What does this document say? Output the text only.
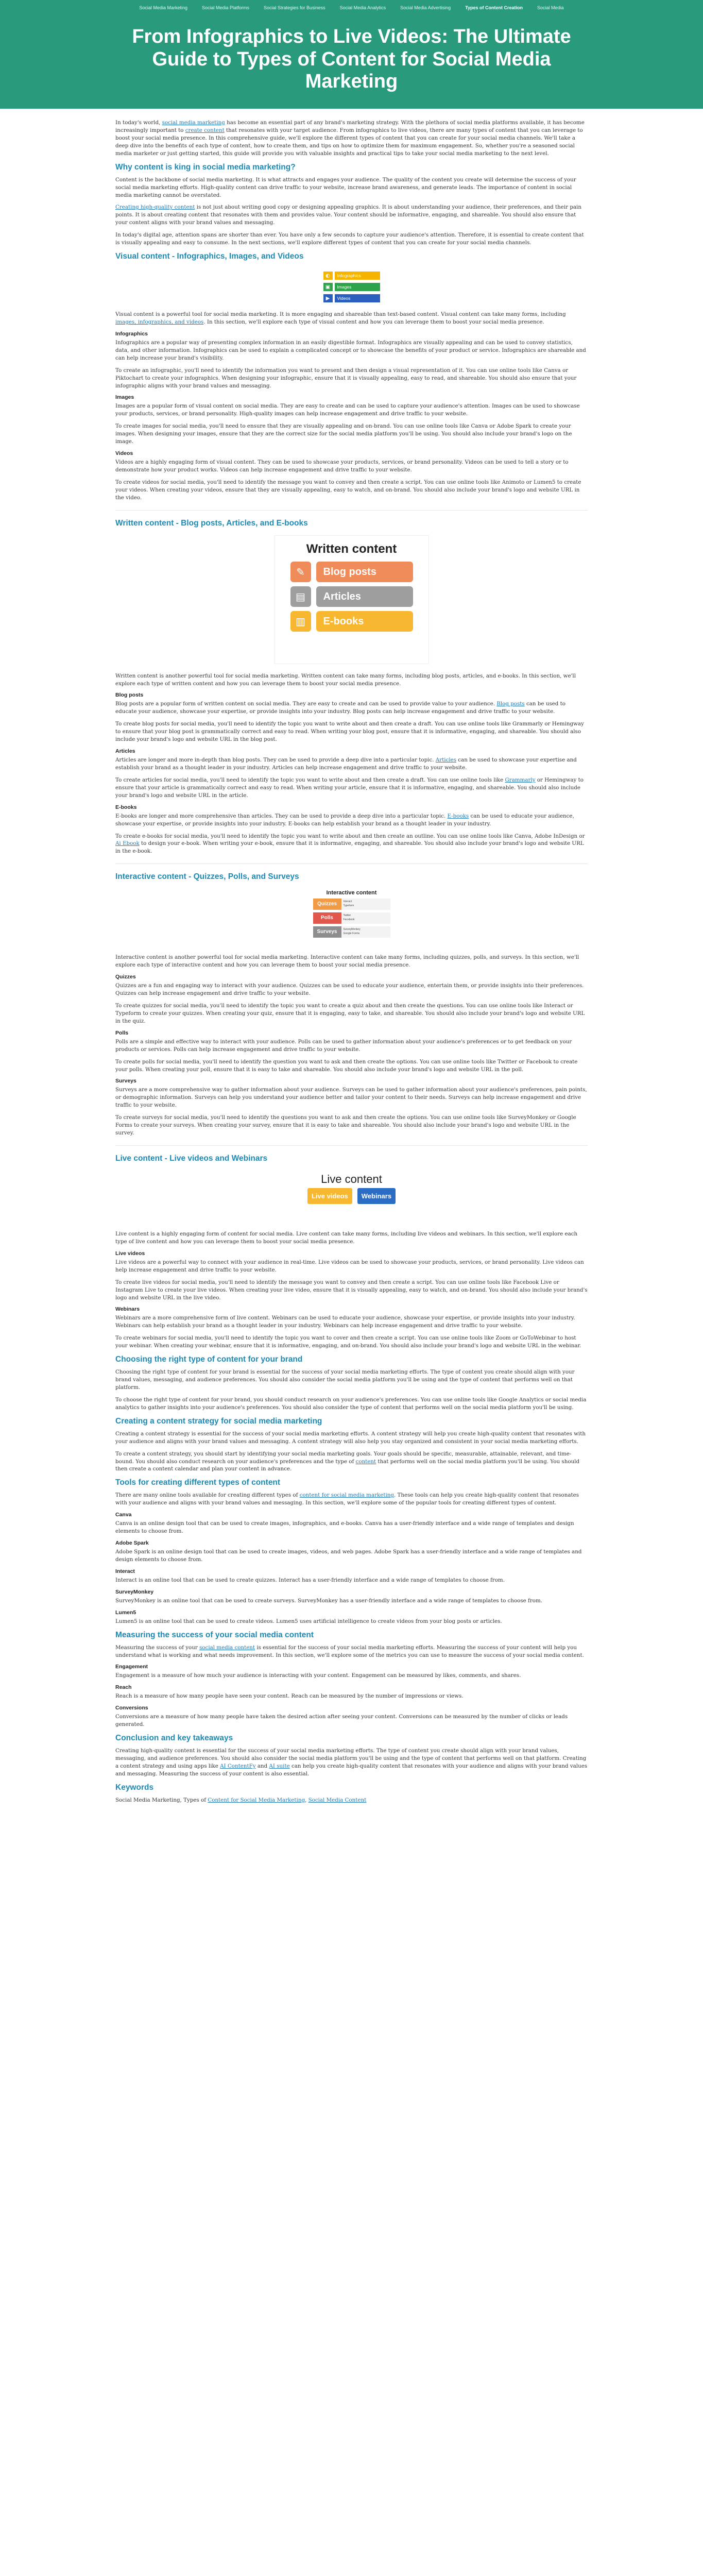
Social Media Marketing	Social Media Platforms	Social Strategies for Business	Social Media Analytics	Social Media Advertising	Types of Content Creation	Social Media
From Infographics to Live Videos: The Ultimate Guide to Types of Content for Social Media Marketing

In today's world, social media marketing has become an essential part of any brand's marketing strategy. With the plethora of social media platforms available, it has become increasingly important to create content that resonates with your target audience. From infographics to live videos, there are many types of content that you can leverage to boost your social media presence. In this comprehensive guide, we'll explore the different types of content that you can create for your social media channels. We'll take a deep dive into the benefits of each type of content, how to create them, and tips on how to optimize them for maximum engagement. So, whether you're a seasoned social media marketer or just getting started, this guide will provide you with valuable insights and practical tips to take your social media marketing to the next level.

Why content is king in social media marketing?

Content is the backbone of social media marketing. It is what attracts and engages your audience. The quality of the content you create will determine the success of your social media marketing efforts. High-quality content can drive traffic to your website, increase brand awareness, and generate leads. The importance of content in social media marketing cannot be overstated.

Creating high-quality content is not just about writing good copy or designing appealing graphics. It is about understanding your audience, their preferences, and their pain points. It is about creating content that resonates with them and provides value. Your content should be informative, engaging, and shareable. You should also ensure that your content aligns with your brand values and messaging.

In today's digital age, attention spans are shorter than ever. You have only a few seconds to capture your audience's attention. Therefore, it is essential to create content that is visually appealing and easy to consume. In the next sections, we'll explore different types of content that you can create for your social media channels.

Visual content - Infographics, Images, and Videos
◐	Infographics
▣	Images
▶	Videos

Visual content is a powerful tool for social media marketing. It is more engaging and shareable than text-based content. Visual content can take many forms, including images, infographics, and videos. In this section, we'll explore each type of visual content and how you can leverage them to boost your social media presence.

Infographics

Infographics are a popular way of presenting complex information in an easily digestible format. Infographics are visually appealing and can be used to convey statistics, data, and other information. Infographics can be used to explain a complicated concept or to showcase the benefits of your product or service. Infographics are shareable and can help increase your brand's visibility.

To create an infographic, you'll need to identify the information you want to present and then design a visual representation of it. You can use online tools like Canva or Piktochart to create your infographics. When designing your infographic, ensure that it is visually appealing, easy to read, and shareable. You should also ensure that your infographic aligns with your brand values and messaging.

Images

Images are a popular form of visual content on social media. They are easy to create and can be used to capture your audience's attention. Images can be used to showcase your products, services, or brand personality. High-quality images can help increase engagement and drive traffic to your website.

To create images for social media, you'll need to ensure that they are visually appealing and on-brand. You can use online tools like Canva or Adobe Spark to create your images. When designing your images, ensure that they are the correct size for the social media platform you'll be using. You should also include your brand's logo on the image.

Videos

Videos are a highly engaging form of visual content. They can be used to showcase your products, services, or brand personality. Videos can be used to tell a story or to demonstrate how your product works. Videos can help increase engagement and drive traffic to your website.

To create videos for social media, you'll need to identify the message you want to convey and then create a script. You can use online tools like Animoto or Lumen5 to create your videos. When creating your videos, ensure that they are visually appealing, easy to watch, and on-brand. You should also include your brand's logo and website URL in the video.

Written content - Blog posts, Articles, and E-books
Written content
✎	Blog posts
▤	Articles
▥	E-books

Written content is another powerful tool for social media marketing. Written content can take many forms, including blog posts, articles, and e-books. In this section, we'll explore each type of written content and how you can leverage them to boost your social media presence.

Blog posts

Blog posts are a popular form of written content on social media. They are easy to create and can be used to provide value to your audience. Blog posts can be used to educate your audience, showcase your expertise, or provide insights into your industry. Blog posts can help increase engagement and drive traffic to your website.

To create blog posts for social media, you'll need to identify the topic you want to write about and then create a draft. You can use online tools like Grammarly or Hemingway to ensure that your blog post is grammatically correct and easy to read. When writing your blog post, ensure that it is informative, engaging, and shareable. You should also include your brand's logo and website URL in the blog post.

Articles

Articles are longer and more in-depth than blog posts. They can be used to provide a deep dive into a particular topic. Articles can be used to showcase your expertise and establish your brand as a thought leader in your industry. Articles can help increase engagement and drive traffic to your website.

To create articles for social media, you'll need to identify the topic you want to write about and then create a draft. You can use online tools like Grammarly or Hemingway to ensure that your article is grammatically correct and easy to read. When writing your article, ensure that it is informative, engaging, and shareable. You should also include your brand's logo and website URL in the article.

E-books

E-books are longer and more comprehensive than articles. They can be used to provide a deep dive into a particular topic. E-books can be used to educate your audience, showcase your expertise, or provide insights into your industry. E-books can help establish your brand as a thought leader in your industry.

To create e-books for social media, you'll need to identify the topic you want to write about and then create an outline. You can use online tools like Canva, Adobe InDesign or Ai Ebook to design your e-book. When writing your e-book, ensure that it is informative, engaging, and shareable. You should also include your brand's logo and website URL in the e-book.

Interactive content - Quizzes, Polls, and Surveys
Interactive content
Quizzes	Interact
Typeform
Polls	Twitter
Facebook
Surveys	SurveyMonkey
Google Forms

Interactive content is another powerful tool for social media marketing. Interactive content can take many forms, including quizzes, polls, and surveys. In this section, we'll explore each type of interactive content and how you can leverage them to boost your social media presence.

Quizzes

Quizzes are a fun and engaging way to interact with your audience. Quizzes can be used to educate your audience, entertain them, or provide insights into their preferences. Quizzes can help increase engagement and drive traffic to your website.

To create quizzes for social media, you'll need to identify the topic you want to create a quiz about and then create the questions. You can use online tools like Interact or Typeform to create your quizzes. When creating your quiz, ensure that it is engaging, easy to take, and shareable. You should also include your brand's logo and website URL in the quiz.

Polls

Polls are a simple and effective way to interact with your audience. Polls can be used to gather information about your audience's preferences or to get feedback on your products or services. Polls can help increase engagement and drive traffic to your website.

To create polls for social media, you'll need to identify the question you want to ask and then create the options. You can use online tools like Twitter or Facebook to create your polls. When creating your poll, ensure that it is easy to take and shareable. You should also include your brand's logo and website URL in the poll.

Surveys

Surveys are a more comprehensive way to gather information about your audience. Surveys can be used to gather information about your audience's preferences, pain points, or demographic information. Surveys can help you understand your audience better and tailor your content to their needs. Surveys can help increase engagement and drive traffic to your website.

To create surveys for social media, you'll need to identify the questions you want to ask and then create the options. You can use online tools like SurveyMonkey or Google Forms to create your surveys. When creating your survey, ensure that it is easy to take and shareable. You should also include your brand's logo and website URL in the survey.

Live content - Live videos and Webinars
Live content
Live videos	Webinars

Live content is a highly engaging form of content for social media. Live content can take many forms, including live videos and webinars. In this section, we'll explore each type of live content and how you can leverage them to boost your social media presence.

Live videos

Live videos are a powerful way to connect with your audience in real-time. Live videos can be used to showcase your products, services, or brand personality. Live videos can help increase engagement and drive traffic to your website.

To create live videos for social media, you'll need to identify the message you want to convey and then create a script. You can use online tools like Facebook Live or Instagram Live to create your live videos. When creating your live video, ensure that it is visually appealing, easy to watch, and on-brand. You should also include your brand's logo and website URL in the live video.

Webinars

Webinars are a more comprehensive form of live content. Webinars can be used to educate your audience, showcase your expertise, or provide insights into your industry. Webinars can help establish your brand as a thought leader in your industry. Webinars can help increase engagement and drive traffic to your website.

To create webinars for social media, you'll need to identify the topic you want to cover and then create a script. You can use online tools like Zoom or GoToWebinar to host your webinar. When creating your webinar, ensure that it is informative, engaging, and on-brand. You should also include your brand's logo and website URL in the webinar.

Choosing the right type of content for your brand

Choosing the right type of content for your brand is essential for the success of your social media marketing efforts. The type of content you create should align with your brand values, messaging, and audience preferences. You should also consider the social media platform you'll be using and the type of content that performs well on that platform.

To choose the right type of content for your brand, you should conduct research on your audience's preferences. You can use online tools like Google Analytics or social media analytics to gather insights into your audience's preferences. You should also consider the type of content that performs well on the social media platform you'll be using.

Creating a content strategy for social media marketing

Creating a content strategy is essential for the success of your social media marketing efforts. A content strategy will help you create high-quality content that resonates with your audience and aligns with your brand values and messaging. A content strategy will also help you stay organized and consistent in your social media marketing efforts.

To create a content strategy, you should start by identifying your social media marketing goals. Your goals should be specific, measurable, attainable, relevant, and time-bound. You should also conduct research on your audience's preferences and the type of content that performs well on the social media platform you'll be using. You should then create a content calendar and plan your content in advance.

Tools for creating different types of content

There are many online tools available for creating different types of content for social media marketing. These tools can help you create high-quality content that resonates with your audience and aligns with your brand values and messaging. In this section, we'll explore some of the popular tools for creating different types of content.

Canva

Canva is an online design tool that can be used to create images, infographics, and e-books. Canva has a user-friendly interface and a wide range of templates and design elements to choose from.

Adobe Spark

Adobe Spark is an online design tool that can be used to create images, videos, and web pages. Adobe Spark has a user-friendly interface and a wide range of templates and design elements to choose from.

Interact

Interact is an online tool that can be used to create quizzes. Interact has a user-friendly interface and a wide range of templates to choose from.

SurveyMonkey

SurveyMonkey is an online tool that can be used to create surveys. SurveyMonkey has a user-friendly interface and a wide range of templates to choose from.

Lumen5

Lumen5 is an online tool that can be used to create videos. Lumen5 uses artificial intelligence to create videos from your blog posts or articles.

Measuring the success of your social media content

Measuring the success of your social media content is essential for the success of your social media marketing efforts. Measuring the success of your content will help you understand what is working and what needs improvement. In this section, we'll explore some of the metrics you can use to measure the success of your social media content.

Engagement

Engagement is a measure of how much your audience is interacting with your content. Engagement can be measured by likes, comments, and shares.

Reach

Reach is a measure of how many people have seen your content. Reach can be measured by the number of impressions or views.

Conversions

Conversions are a measure of how many people have taken the desired action after seeing your content. Conversions can be measured by the number of clicks or leads generated.

Conclusion and key takeaways

Creating high-quality content is essential for the success of your social media marketing efforts. The type of content you create should align with your brand values, messaging, and audience preferences. You should also consider the social media platform you'll be using and the type of content that performs well on that platform. Creating a content strategy and using apps like AI ContentFy and AI suite can help you create high-quality content that resonates with your audience and aligns with your brand values and messaging. Measuring the success of your content is also essential.

Keywords

Social Media Marketing, Types of Content for Social Media Marketing, Social Media Content
